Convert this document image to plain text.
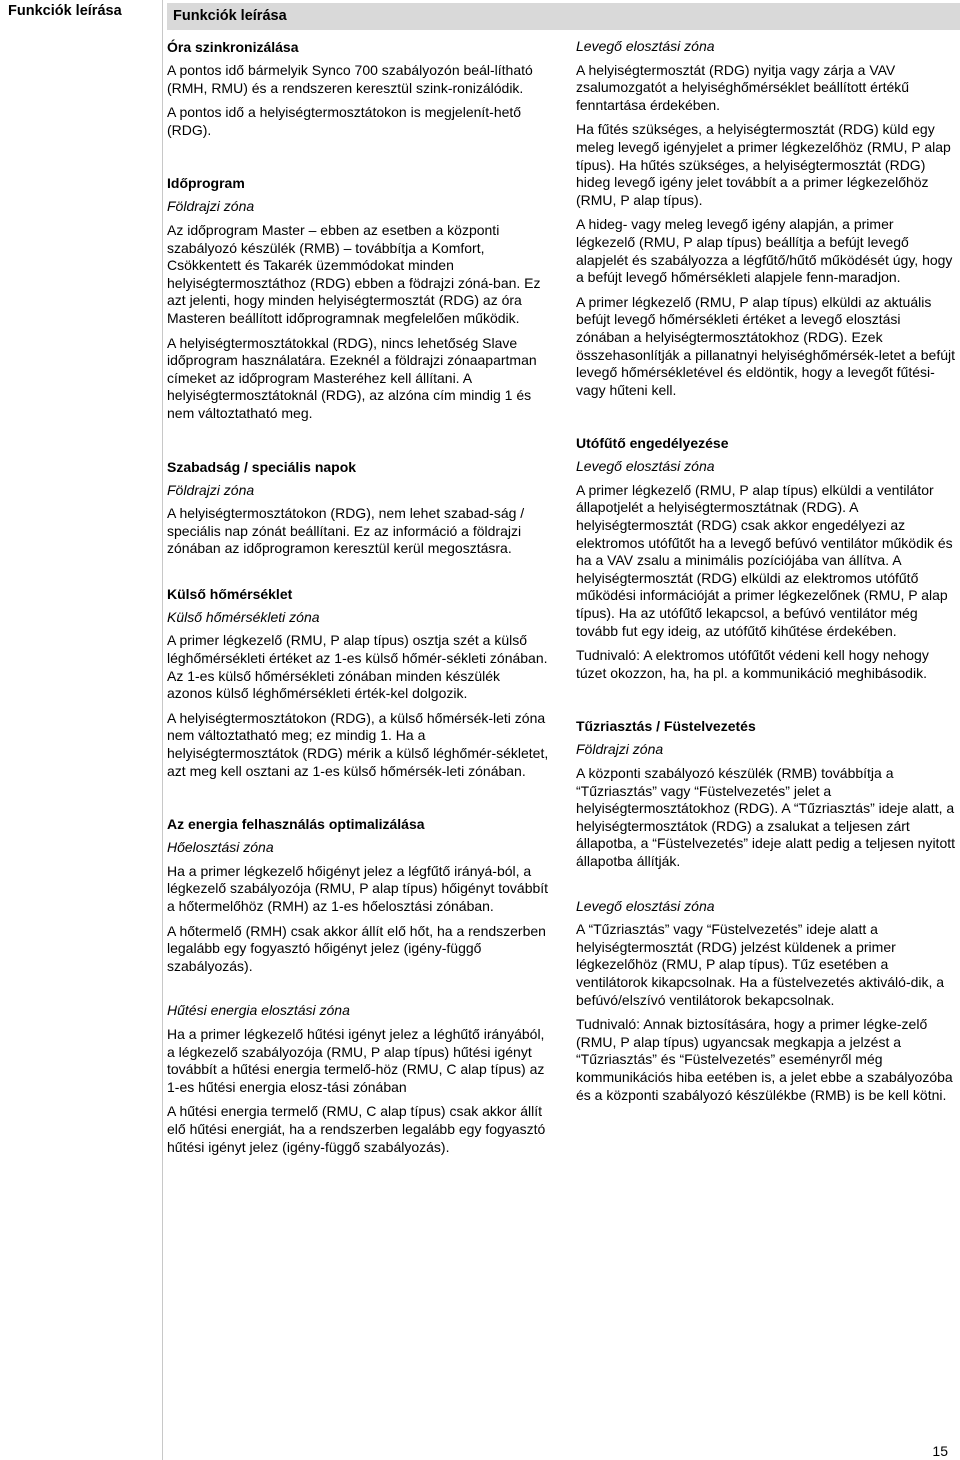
Funkciók leírása	Funkciók leírása
Óra szinkronizálása

A pontos idő bármelyik Synco 700 szabályozón beál-lítható (RMH, RMU) és a rendszeren keresztül szink-ronizálódik.

A pontos idő a helyiségtermosztátokon is megjelenít-hető (RDG).

Időprogram
Földrajzi zóna

Az időprogram Master – ebben az esetben a központi szabályozó készülék (RMB) – továbbítja a Komfort, Csökkentett és Takarék üzemmódokat minden helyiségtermosztáthoz (RDG) ebben a födrajzi zóná-ban. Ez azt jelenti, hogy minden helyiségtermosztát (RDG) az óra Masteren beállított időprogramnak megfelelően működik.

A helyiségtermosztátokkal (RDG), nincs lehetőség Slave időprogram használatára. Ezeknél a földrajzi zónaapartman címeket az időprogram Masteréhez kell állítani. A helyiségtermosztátoknál (RDG), az alzóna cím mindig 1 és nem változtatható meg.

Szabadság / speciális napok
Földrajzi zóna

A helyiségtermosztátokon (RDG), nem lehet szabad-ság / speciális nap zónát beállítani. Ez az információ a földrajzi zónában az időprogramon keresztül kerül megosztásra.

Külső hőmérséklet
Külső hőmérsékleti zóna

A primer légkezelő (RMU, P alap típus) osztja szét a külső léghőmérsékleti értéket az 1-es külső hőmér-sékleti zónában. Az 1-es külső hőmérsékleti zónában minden készülék azonos külső léghőmérsékleti érték-kel dolgozik.

A helyiségtermosztátokon (RDG), a külső hőmérsék-leti zóna nem változtatható meg; ez mindig 1. Ha a helyiségtermosztátok (RDG) mérik a külső léghőmér-sékletet, azt meg kell osztani az 1-es külső hőmérsék-leti zónában.

Az energia felhasználás optimalizálása
Hőelosztási zóna

Ha a primer légkezelő hőigényt jelez a légfűtő irányá-ból, a légkezelő szabályozója (RMU, P alap típus) hőigényt továbbít a hőtermelőhöz (RMH) az 1-es hőelosztási zónában.

A hőtermelő (RMH) csak akkor állít elő hőt, ha a rendszerben legalább egy fogyasztó hőigényt jelez (igény-függő szabályozás).

Hűtési energia elosztási zóna

Ha a primer légkezelő hűtési igényt jelez a léghűtő irányából, a légkezelő szabályozója (RMU, P alap típus) hűtési igényt továbbít a hűtési energia termelő-höz (RMU, C alap típus) az 1-es hűtési energia elosz-tási zónában

A hűtési energia termelő (RMU, C alap típus) csak akkor állít elő hűtési energiát, ha a rendszerben legalább egy fogyasztó hűtési igényt jelez (igény-függő szabályozás).

Levegő elosztási zóna

A helyiségtermosztát (RDG) nyitja vagy zárja a VAV zsalumozgatót a helyiséghőmérséklet beállított értékű fenntartása érdekében.

Ha fűtés szükséges, a helyiségtermosztát (RDG) küld egy meleg levegő igényjelet a primer légkezelőhöz (RMU, P alap típus). Ha hűtés szükséges, a helyiségtermosztát (RDG) hideg levegő igény jelet továbbít a a primer légkezelőhöz (RMU, P alap típus).

A hideg- vagy meleg levegő igény alapján, a primer légkezelő (RMU, P alap típus) beállítja a befújt levegő alapjelét és szabályozza a légfűtő/hűtő működését úgy, hogy a befújt levegő hőmérsékleti alapjele fenn-maradjon.

A primer légkezelő (RMU, P alap típus) elküldi az aktuális befújt levegő hőmérsékleti értéket a levegő elosztási zónában a helyiségtermosztátokhoz (RDG). Ezek összehasonlítják a pillanatnyi helyiséghőmérsék-letet a befújt levegő hőmérsékletével és eldöntik, hogy a levegőt fűtési- vagy hűteni kell.

Utófűtő engedélyezése
Levegő elosztási zóna

A primer légkezelő (RMU, P alap típus) elküldi a ventilátor állapotjelét a helyiségtermosztátnak (RDG). A helyiségtermosztát (RDG) csak akkor engedélyezi az elektromos utófűtőt ha a levegő befúvó ventilátor működik és ha a VAV zsalu a minimális pozíciójába van állítva. A helyiségtermosztát (RDG) elküldi az elektromos utófűtő működési információját a primer légkezelőnek (RMU, P alap típus). Ha az utófűtő lekapcsol, a befúvó ventilátor még tovább fut egy ideig, az utófűtő kihűtése érdekében.

Tudnivaló: A elektromos utófűtőt védeni kell hogy nehogy túzet okozzon, ha, ha pl. a kommunikáció meghibásodik.

Tűzriasztás / Füstelvezetés
Földrajzi zóna

A központi szabályozó készülék (RMB) továbbítja a “Tűzriasztás” vagy “Füstelvezetés” jelet a helyiségtermosztátokhoz (RDG). A “Tűzriasztás” ideje alatt, a helyiségtermosztátok (RDG) a zsalukat a teljesen zárt állapotba, a “Füstelvezetés” ideje alatt pedig a teljesen nyitott állapotba állítják.

Levegő elosztási zóna

A “Tűzriasztás” vagy “Füstelvezetés” ideje alatt a helyiségtermosztát (RDG) jelzést küldenek a primer légkezelőhöz (RMU, P alap típus). Tűz esetében a ventilátorok kikapcsolnak. Ha a füstelvezetés aktiváló-dik, a befúvó/elszívó ventilátorok bekapcsolnak.

Tudnivaló: Annak biztosítására, hogy a primer légke-zelő (RMU, P alap típus) ugyancsak megkapja a jelzést a “Tűzriasztás” és “Füstelvezetés” eseményről még kommunikációs hiba eetében is, a jelet ebbe a szabályozóba és a központi szabályozó készülékbe (RMB) is be kell kötni.

15
